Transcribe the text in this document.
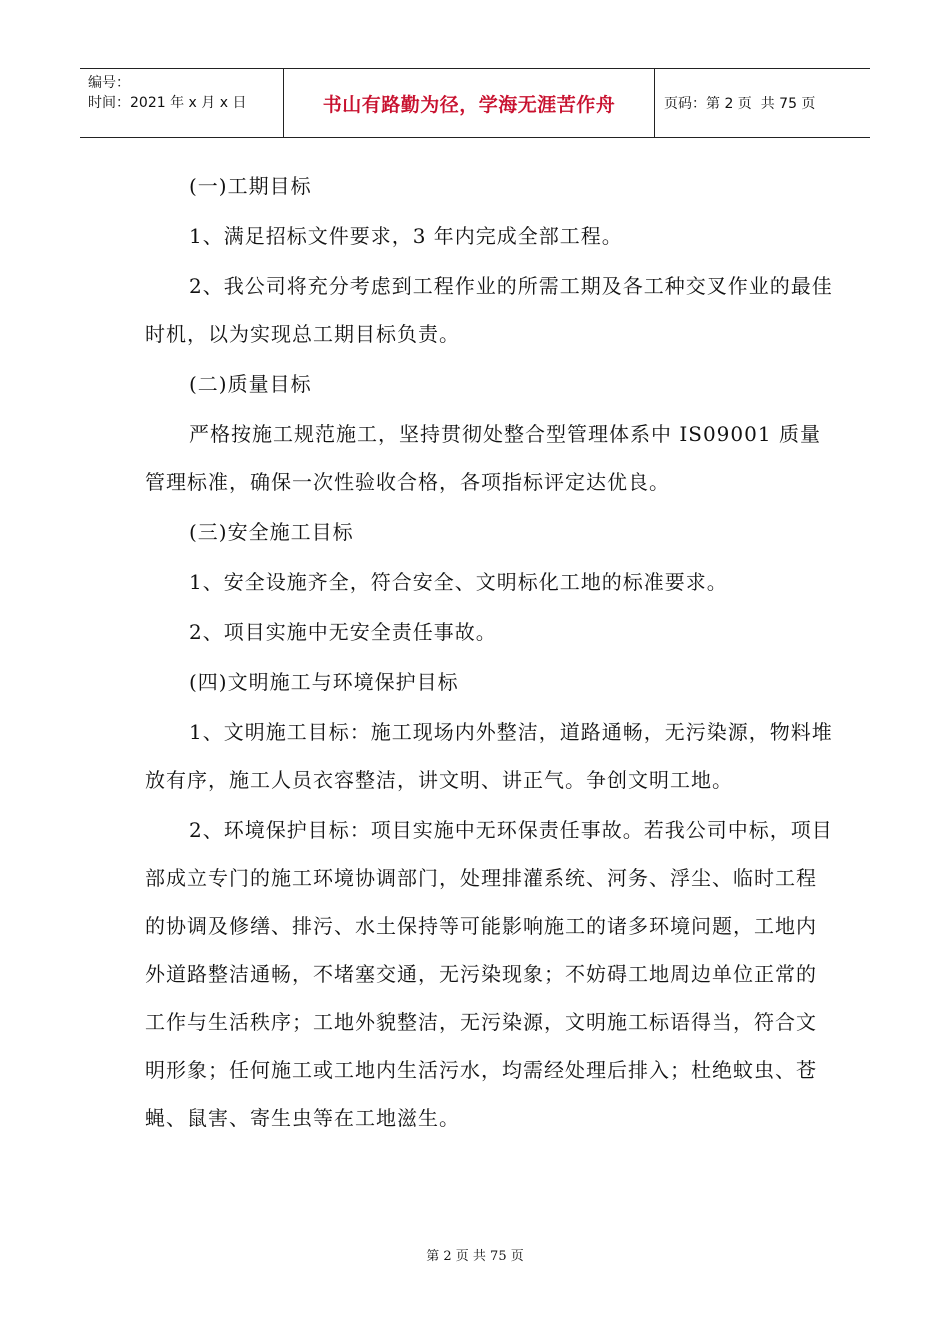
编号：
时间：2021 年 x 月 x 日	书山有路勤为径，学海无涯苦作舟	页码：第 2 页  共 75 页

(一)工期目标

1、满足招标文件要求，3 年内完成全部工程。

2、我公司将充分考虑到工程作业的所需工期及各工种交叉作业的最佳时机，以为实现总工期目标负责。

(二)质量目标

严格按施工规范施工，坚持贯彻处整合型管理体系中 IS09001 质量管理标准，确保一次性验收合格，各项指标评定达优良。

(三)安全施工目标

1、安全设施齐全，符合安全、文明标化工地的标准要求。

2、项目实施中无安全责任事故。

(四)文明施工与环境保护目标

1、文明施工目标：施工现场内外整洁，道路通畅，无污染源，物料堆放有序，施工人员衣容整洁，讲文明、讲正气。争创文明工地。

2、环境保护目标：项目实施中无环保责任事故。若我公司中标，项目部成立专门的施工环境协调部门，处理排灌系统、河务、浮尘、临时工程的协调及修缮、排污、水土保持等可能影响施工的诸多环境问题，工地内外道路整洁通畅，不堵塞交通，无污染现象；不妨碍工地周边单位正常的工作与生活秩序；工地外貌整洁，无污染源，文明施工标语得当，符合文明形象；任何施工或工地内生活污水，均需经处理后排入；杜绝蚊虫、苍蝇、鼠害、寄生虫等在工地滋生。

第 2 页 共 75 页
